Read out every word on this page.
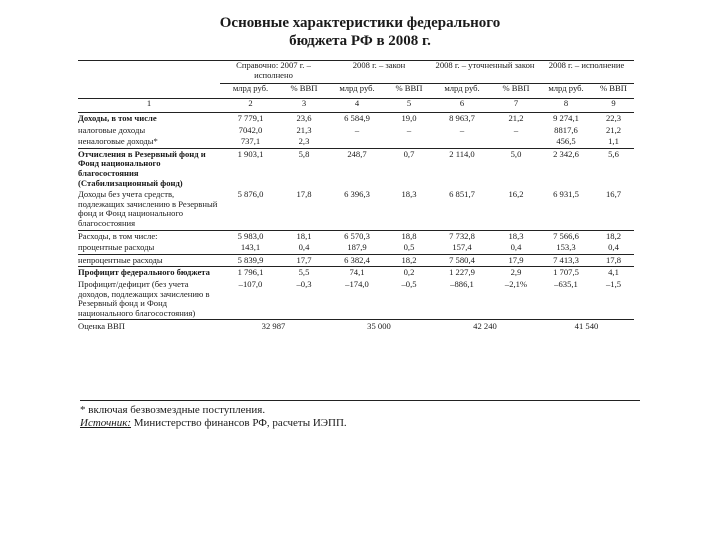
Основные характеристики федерального
бюджета РФ в 2008 г.
	Справочно: 2007 г. – исполнено		2008 г. – закон		2008 г. – уточненный закон		2008 г. – исполнение	
	млрд руб.	% ВВП	млрд руб.	% ВВП	млрд руб.	% ВВП	млрд руб.	% ВВП
1	2	3	4	5	6	7	8	9
Доходы, в том числе	7 779,1	23,6	6 584,9	19,0	8 963,7	21,2	9 274,1	22,3
налоговые доходы	7042,0	21,3	–	–	–	–	8817,6	21,2
неналоговые доходы*	737,1	2,3					456,5	1,1
Отчисления в Резервный фонд и Фонд национального благосостояния (Стабилизационный фонд)	1 903,1	5,8	248,7	0,7	2 114,0	5,0	2 342,6	5,6
Доходы без учета средств, подлежащих зачислению в Резервный фонд и Фонд национального благосостояния	5 876,0	17,8	6 396,3	18,3	6 851,7	16,2	6 931,5	16,7
Расходы, в том числе:	5 983,0	18,1	6 570,3	18,8	7 732,8	18,3	7 566,6	18,2
процентные расходы	143,1	0,4	187,9	0,5	157,4	0,4	153,3	0,4
непроцентные расходы	5 839,9	17,7	6 382,4	18,2	7 580,4	17,9	7 413,3	17,8
Профицит федерального бюджета	1 796,1	5,5	74,1	0,2	1 227,9	2,9	1 707,5	4,1
Профицит/дефицит (без учета доходов, подлежащих зачислению в Резервный фонд и Фонд национального благосостояния)	–107,0	–0,3	–174,0	–0,5	–886,1	–2,1%	–635,1	–1,5
Оценка ВВП	32 987		35 000		42 240		41 540	
* включая безвозмездные поступления.
Источник: Министерство финансов РФ, расчеты ИЭПП.
